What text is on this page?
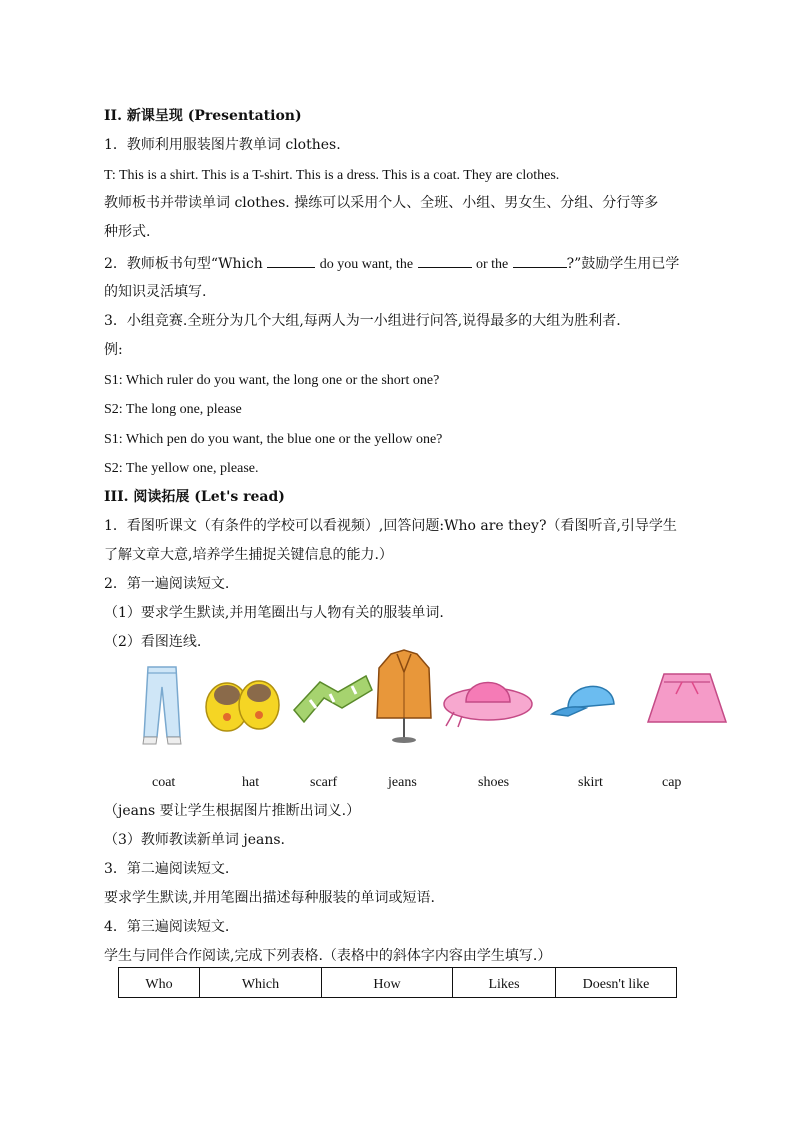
II. 新课呈现 (Presentation)
1．教师利用服装图片教单词 clothes.
T: This is a shirt. This is a T-shirt. This is a dress. This is a coat. They are clothes.
教师板书并带读单词 clothes. 操练可以采用个人、全班、小组、男女生、分组、分行等多
种形式.
2．教师板书句型“Which	do you want, the	or the	?”鼓励学生用已学
的知识灵活填写.
3．小组竞赛.全班分为几个大组,每两人为一小组进行问答,说得最多的大组为胜利者.
例:
S1: Which ruler do you want, the long one or the short one?
S2: The long one, please
S1: Which pen do you want, the blue one or the yellow one?
S2: The yellow one, please.
III. 阅读拓展 (Let's read)
1．看图听课文（有条件的学校可以看视频）,回答问题:Who are they?（看图听音,引导学生
了解文章大意,培养学生捕捉关键信息的能力.）
2．第一遍阅读短文.
（1）要求学生默读,并用笔圈出与人物有关的服装单词.
（2）看图连线.
coat	hat	scarf	jeans	shoes	skirt	cap
（jeans 要让学生根据图片推断出词义.）
（3）教师教读新单词 jeans.
3．第二遍阅读短文.
要求学生默读,并用笔圈出描述每种服装的单词或短语.
4．第三遍阅读短文.
学生与同伴合作阅读,完成下列表格.（表格中的斜体字内容由学生填写.）
Who	Which	How	Likes	Doesn't like
